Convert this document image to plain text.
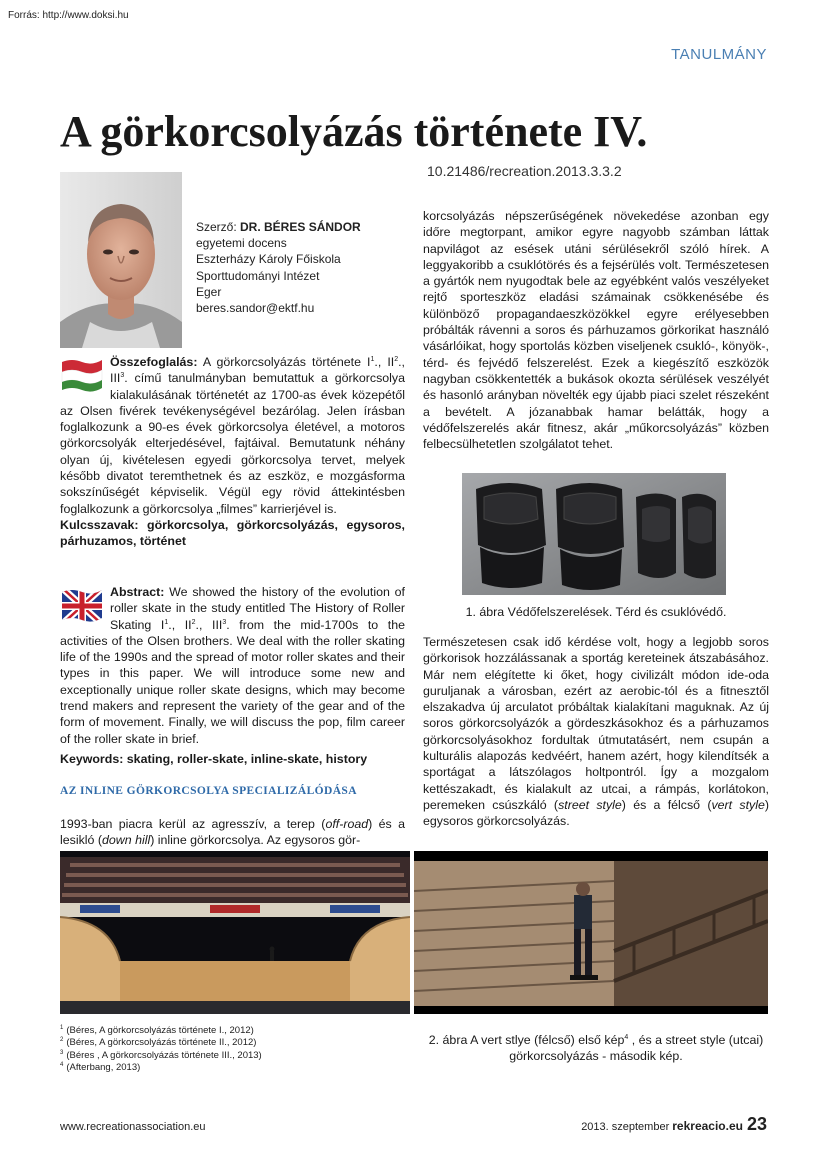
Forrás: http://www.doksi.hu
TANULMÁNY
A görkorcsolyázás története IV.
10.21486/recreation.2013.3.3.2
Szerző: DR. BÉRES SÁNDOR
egyetemi docens
Eszterházy Károly Főiskola
Sporttudományi Intézet
Eger
beres.sandor@ektf.hu

Összefoglalás: A görkorcsolyázás története $I^1$., $II^2$., III$^3$. című tanulmányban bemutattuk a görkorcsolya kialakulásának történetét az 1700-as évek közepétől az Olsen fivérek tevékenységével bezárólag. Jelen írásban foglalkozunk a 90-es évek görkorcsolya életével, a motoros görkorcsolyák elterjedésével, fajtáival. Bemutatunk néhány olyan új, kivételesen egyedi görkorcsolya tervet, melyek később divatot teremthetnek és az eszköz, e mozgásforma sokszínűségét képviselik. Végül egy rövid áttekintésben foglalkozunk a görkorcsolya „filmes” karrierjével is.

Kulcsszavak: görkorcsolya, görkorcsolyázás, egysoros, párhuzamos, történet

Abstract: We showed the history of the evolution of roller skate in the study entitled The History of Roller Skating $I^1$., $II^2$., III$^3$. from the mid-1700s to the activities of the Olsen brothers. We deal with the roller skating life of the 1990s and the spread of motor roller skates and their types in this paper. We will introduce some new and exceptionally unique roller skate designs, which may become trend makers and represent the variety of the gear and of the form of movement. Finally, we will discuss the pop, film career of the roller skate in brief.

Keywords: skating, roller-skate, inline-skate, history

AZ INLINE GÖRKORCSOLYA SPECIALIZÁLÓDÁSA

1993-ban piacra kerül az agresszív, a terep (off-road) és a lesikló (down hill) inline görkorcsolya. Az egysoros gör-

korcsolyázás népszerűségének növekedése azonban egy időre megtorpant, amikor egyre nagyobb számban láttak napvilágot az esések utáni sérülésekről szóló hírek. A leggyakoribb a csuklótörés és a fejsérülés volt. Természetesen a gyártók nem nyugodtak bele az egyébként valós veszélyeket rejtő sporteszköz eladási számainak csökkenésébe és különböző propagandaeszközökkel egyre erélyesebben próbálták rávenni a soros és párhuzamos görkorikat használó vásárlóikat, hogy sportolás közben viseljenek csukló-, könyök-, térd- és fejvédő felszerelést. Ezek a kiegészítő eszközök nagyban csökkentették a bukások okozta sérülések veszélyét és hasonló arányban növelték egy újabb piaci szelet részeként a bevételt. A józanabbak hamar belátták, hogy a védőfelszerelés akár fitnesz, akár „műkorcsolyázás” közben felbecsülhetetlen szolgálatot tehet.

1. ábra Védőfelszerelések. Térd és csuklóvédő.

Természetesen csak idő kérdése volt, hogy a legjobb soros görkorisok hozzálássanak a sportág kereteinek átszabásához. Már nem elégítette ki őket, hogy civilizált módon ide-oda guruljanak a városban, ezért az aerobic-tól és a fitnesztől elszakadva új arculatot próbáltak kialakítani maguknak. Az új soros görkorcsolyázók a gördeszkásokhoz és a párhuzamos görkorcsolyásokhoz fordultak útmutatásért, nem csupán a kulturális alapozás kedvéért, hanem azért, hogy kilendítsék a sportágat a látszólagos holtpontról. Így a mozgalom kettészakadt, és kialakult az utcai, a rámpás, korlátokon, peremeken csúszkáló (street style) és a félcső (vert style) egysoros görkorcsolyázás.

2. ábra A vert stlye (félcső) első kép$^4$ , és a street style (utcai) görkorcsolyázás - második kép.
$^1$ (Béres, A görkorcsolyázás története I., 2012)
$^2$ (Béres, A görkorcsolyázás története II., 2012)
$^3$ (Béres , A görkorcsolyázás története III., 2013)
$^4$ (Afterbang, 2013)
www.recreationassociation.eu	2013. szeptember rekreacio.eu 23
